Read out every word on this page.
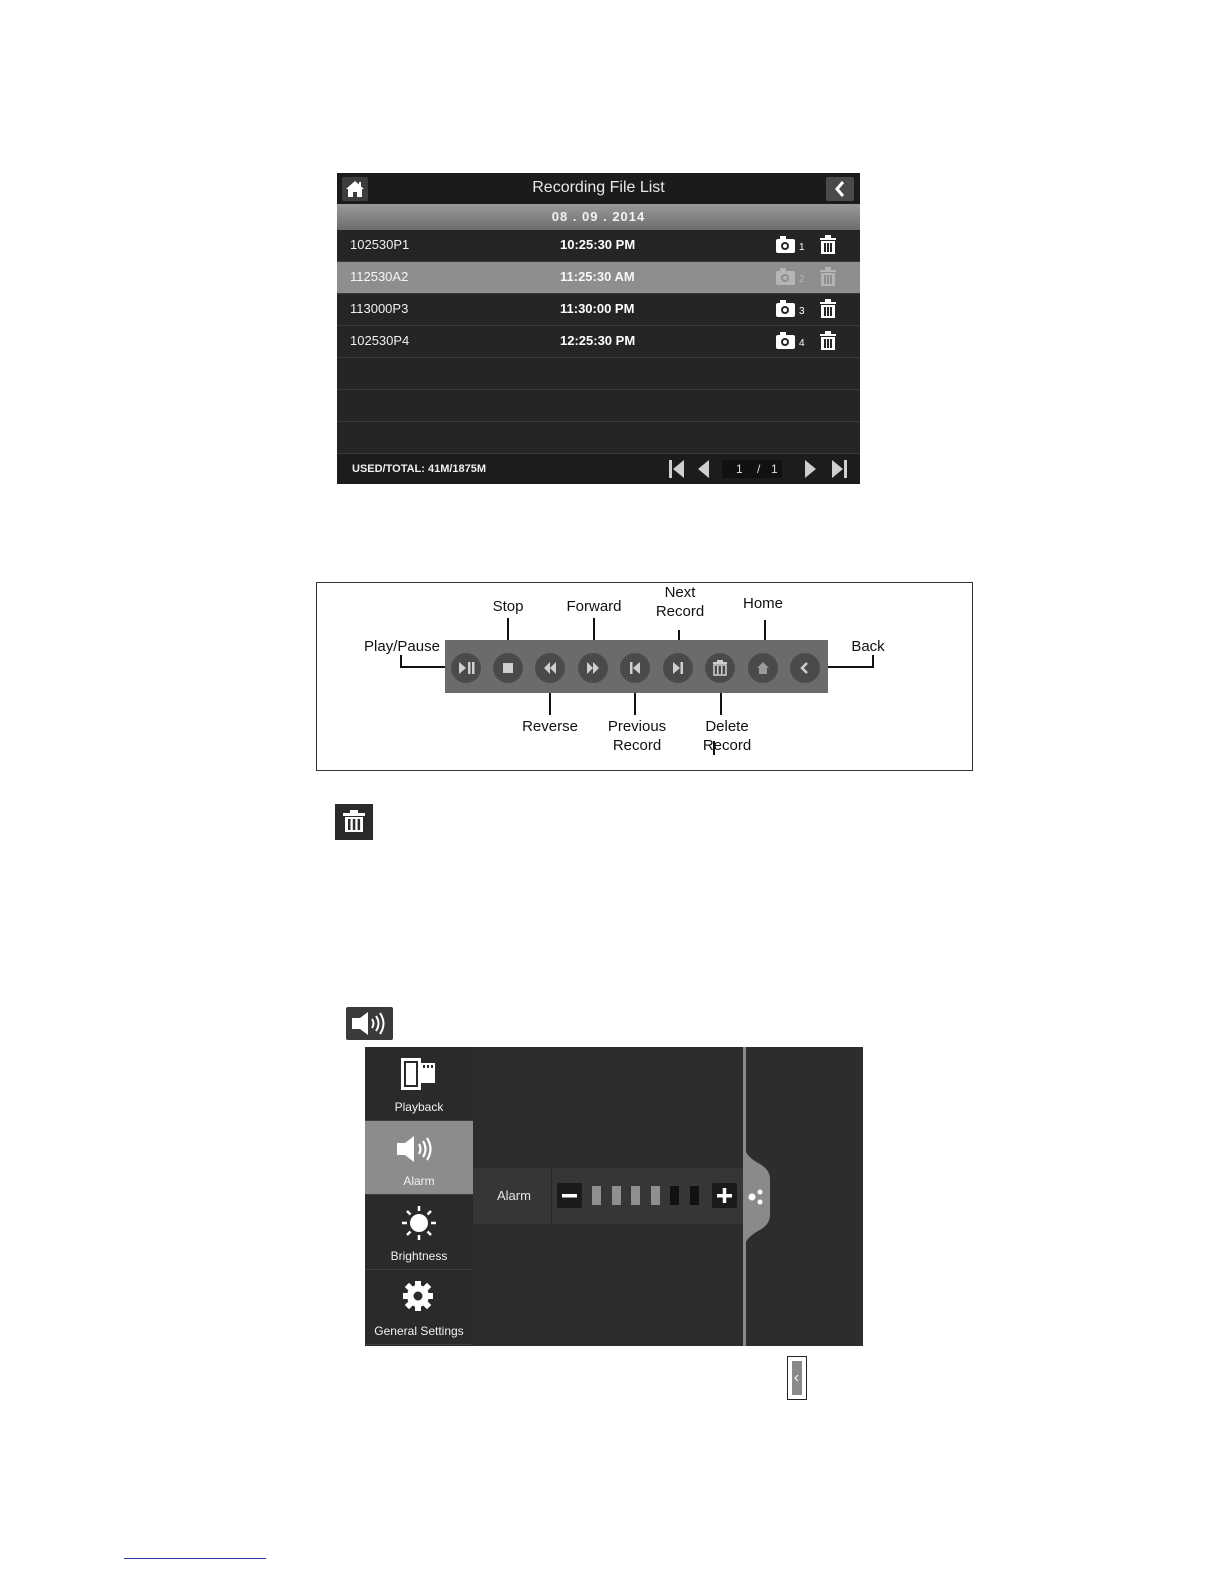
Recording File List
08 . 09 . 2014
102530P1	10:25:30 PM	1
112530A2	11:25:30 AM	2
113000P3	11:30:00 PM	3
102530P4	12:25:30 PM	4
USED/TOTAL: 41M/1875M	1 / 1
Play/Pause
Stop	Forward
Next Record	Home
Back
Reverse	Previous Record
Delete Record
Playback
Alarm
Brightness
General Settings
Alarm
